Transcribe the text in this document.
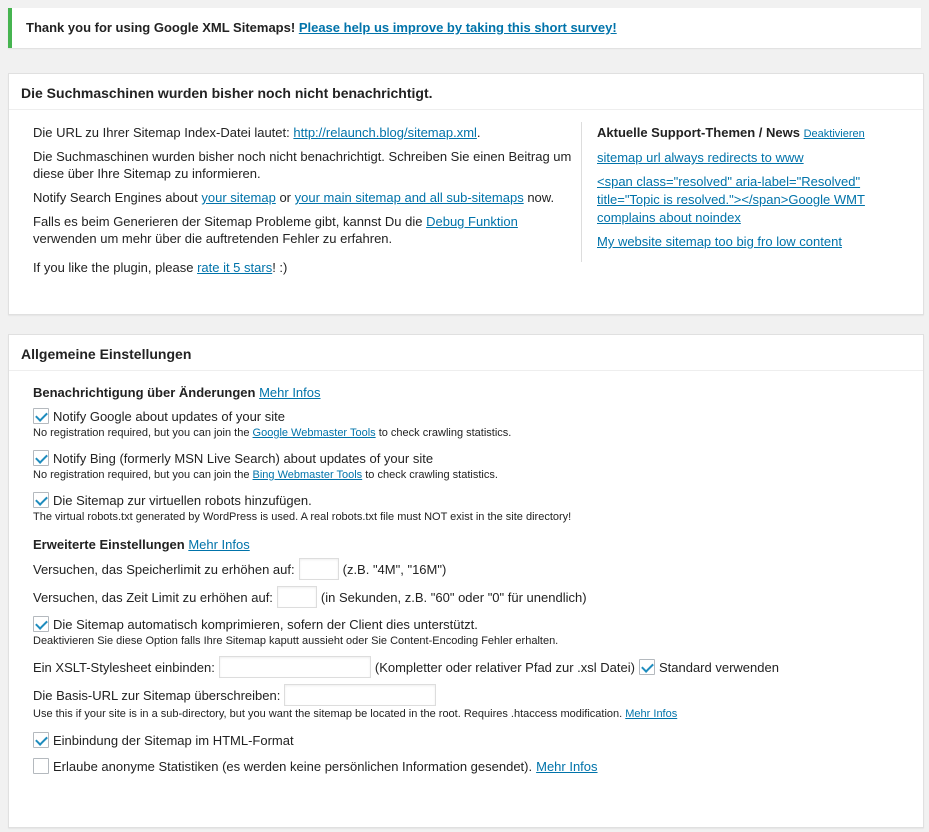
Thank you for using Google XML Sitemaps! Please help us improve by taking this short survey!
Die Suchmaschinen wurden bisher noch nicht benachrichtigt.

Die URL zu Ihrer Sitemap Index-Datei lautet: http://relaunch.blog/sitemap.xml.

Die Suchmaschinen wurden bisher noch nicht benachrichtigt. Schreiben Sie einen Beitrag um diese über Ihre Sitemap zu informieren.

Notify Search Engines about your sitemap or your main sitemap and all sub-sitemaps now.

Falls es beim Generieren der Sitemap Probleme gibt, kannst Du die Debug Funktion verwenden um mehr über die auftretenden Fehler zu erfahren.

If you like the plugin, please rate it 5 stars! :)

Aktuelle Support-Themen / News Deaktivieren
sitemap url always redirects to www
<span class="resolved" aria-label="Resolved" title="Topic is resolved."></span>Google WMT complains about noindex
My website sitemap too big fro low content
Allgemeine Einstellungen
Benachrichtigung über Änderungen Mehr Infos
Notify Google about updates of your site
No registration required, but you can join the Google Webmaster Tools to check crawling statistics.
Notify Bing (formerly MSN Live Search) about updates of your site
No registration required, but you can join the Bing Webmaster Tools to check crawling statistics.
Die Sitemap zur virtuellen robots hinzufügen.
The virtual robots.txt generated by WordPress is used. A real robots.txt file must NOT exist in the site directory!
Erweiterte Einstellungen Mehr Infos
Versuchen, das Speicherlimit zu erhöhen auf:	(z.B. "4M", "16M")
Versuchen, das Zeit Limit zu erhöhen auf:	(in Sekunden, z.B. "60" oder "0" für unendlich)
Die Sitemap automatisch komprimieren, sofern der Client dies unterstützt.
Deaktivieren Sie diese Option falls Ihre Sitemap kaputt aussieht oder Sie Content-Encoding Fehler erhalten.
Ein XSLT-Stylesheet einbinden:	(Kompletter oder relativer Pfad zur .xsl Datei) Standard verwenden
Die Basis-URL zur Sitemap überschreiben:
Use this if your site is in a sub-directory, but you want the sitemap be located in the root. Requires .htaccess modification. Mehr Infos
Einbindung der Sitemap im HTML-Format
Erlaube anonyme Statistiken (es werden keine persönlichen Information gesendet). Mehr Infos
